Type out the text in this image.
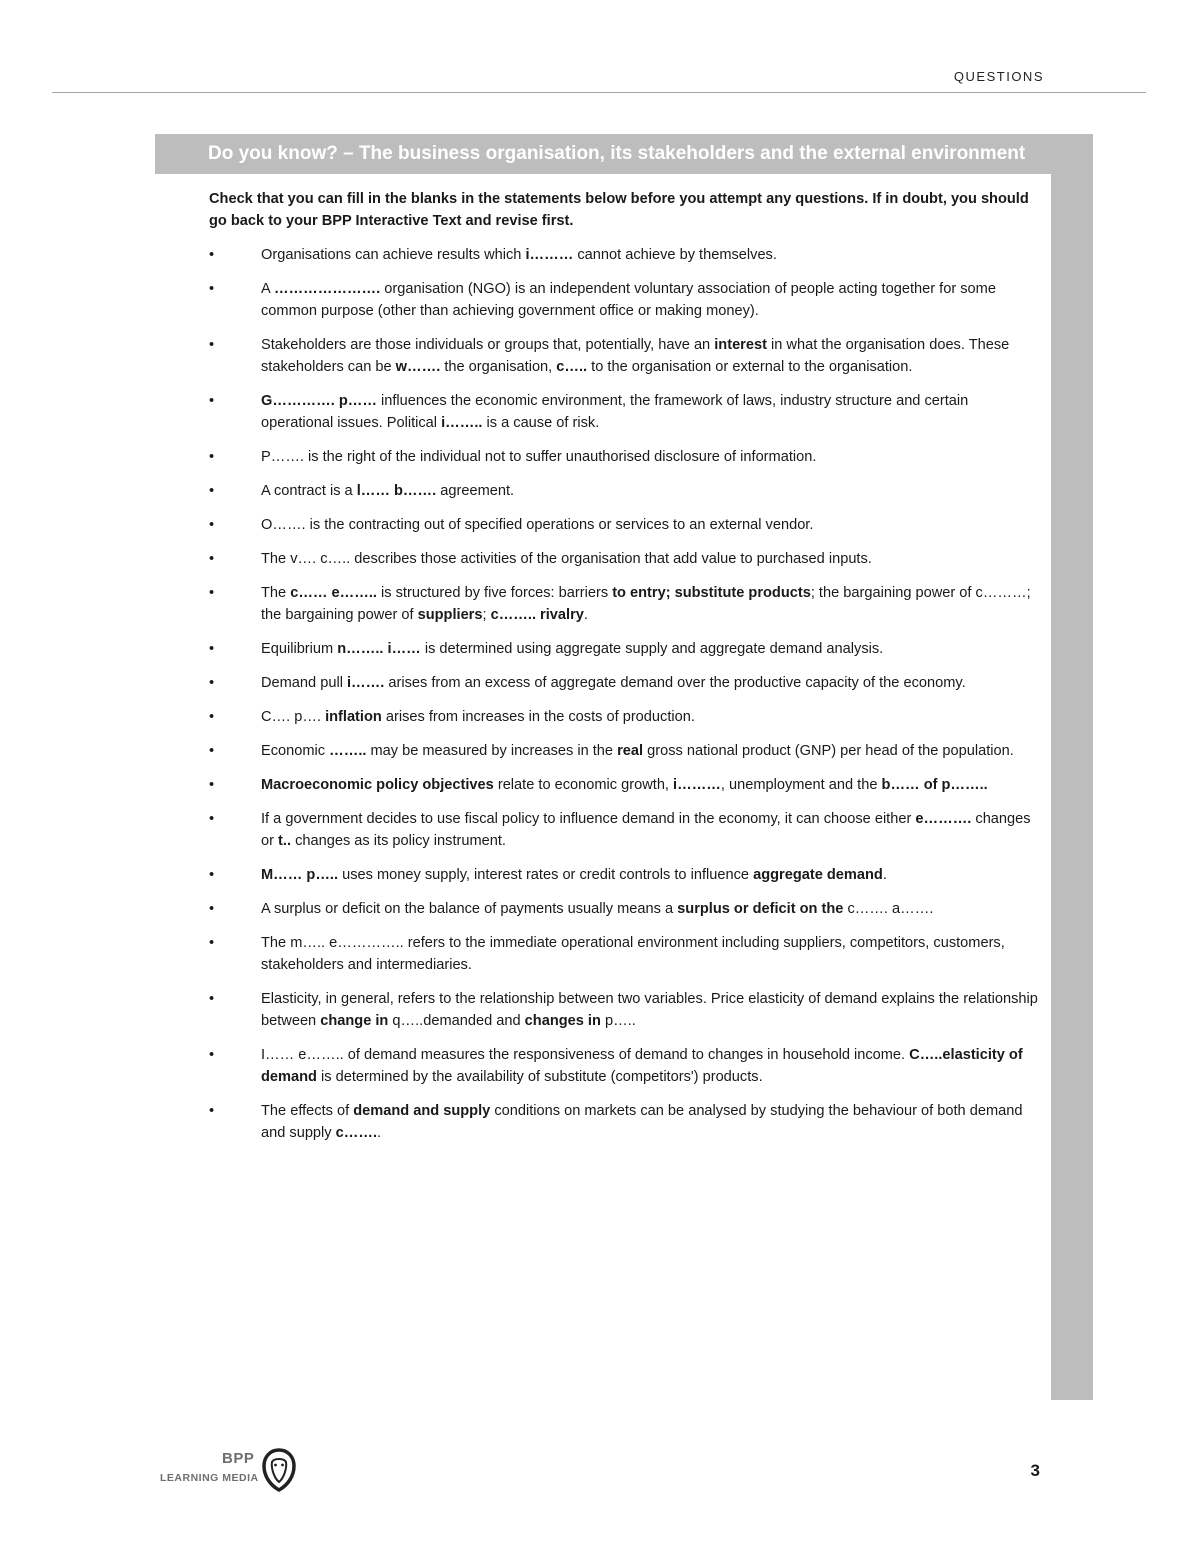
QUESTIONS
Do you know? – The business organisation, its stakeholders and the external environment

Check that you can fill in the blanks in the statements below before you attempt any questions. If in doubt, you should go back to your BPP Interactive Text and revise first.

•	Organisations can achieve results which i……… cannot achieve by themselves.
•	A …………………. organisation (NGO) is an independent voluntary association of people acting together for some common purpose (other than achieving government office or making money).
•	Stakeholders are those individuals or groups that, potentially, have an interest in what the organisation does. These stakeholders can be w……. the organisation, c….. to the organisation or external to the organisation.
•	G…………. p…… influences the economic environment, the framework of laws, industry structure and certain operational issues. Political i…….. is a cause of risk.
•	P……. is the right of the individual not to suffer unauthorised disclosure of information.
•	A contract is a l…… b……. agreement.
•	O……. is the contracting out of specified operations or services to an external vendor.
•	The v…. c….. describes those activities of the organisation that add value to purchased inputs.
•	The c…… e…….. is structured by five forces: barriers to entry; substitute products; the bargaining power of c………; the bargaining power of suppliers; c…….. rivalry.
•	Equilibrium n…….. i…… is determined using aggregate supply and aggregate demand analysis.
•	Demand pull i……. arises from an excess of aggregate demand over the productive capacity of the economy.
•	C…. p…. inflation arises from increases in the costs of production.
•	Economic …….. may be measured by increases in the real gross national product (GNP) per head of the population.
•	Macroeconomic policy objectives relate to economic growth, i………, unemployment and the b…… of p……..
•	If a government decides to use fiscal policy to influence demand in the economy, it can choose either e………. changes or t.. changes as its policy instrument.
•	M…… p….. uses money supply, interest rates or credit controls to influence aggregate demand.
•	A surplus or deficit on the balance of payments usually means a surplus or deficit on the c……. a…….
•	The m….. e………….. refers to the immediate operational environment including suppliers, competitors, customers, stakeholders and intermediaries.
•	Elasticity, in general, refers to the relationship between two variables. Price elasticity of demand explains the relationship between change in q…..demanded and changes in p…..
•	I…… e…….. of demand measures the responsiveness of demand to changes in household income. C…..elasticity of demand is determined by the availability of substitute (competitors') products.
•	The effects of demand and supply conditions on markets can be analysed by studying the behaviour of both demand and supply c……..
BPP
LEARNING MEDIA	3
